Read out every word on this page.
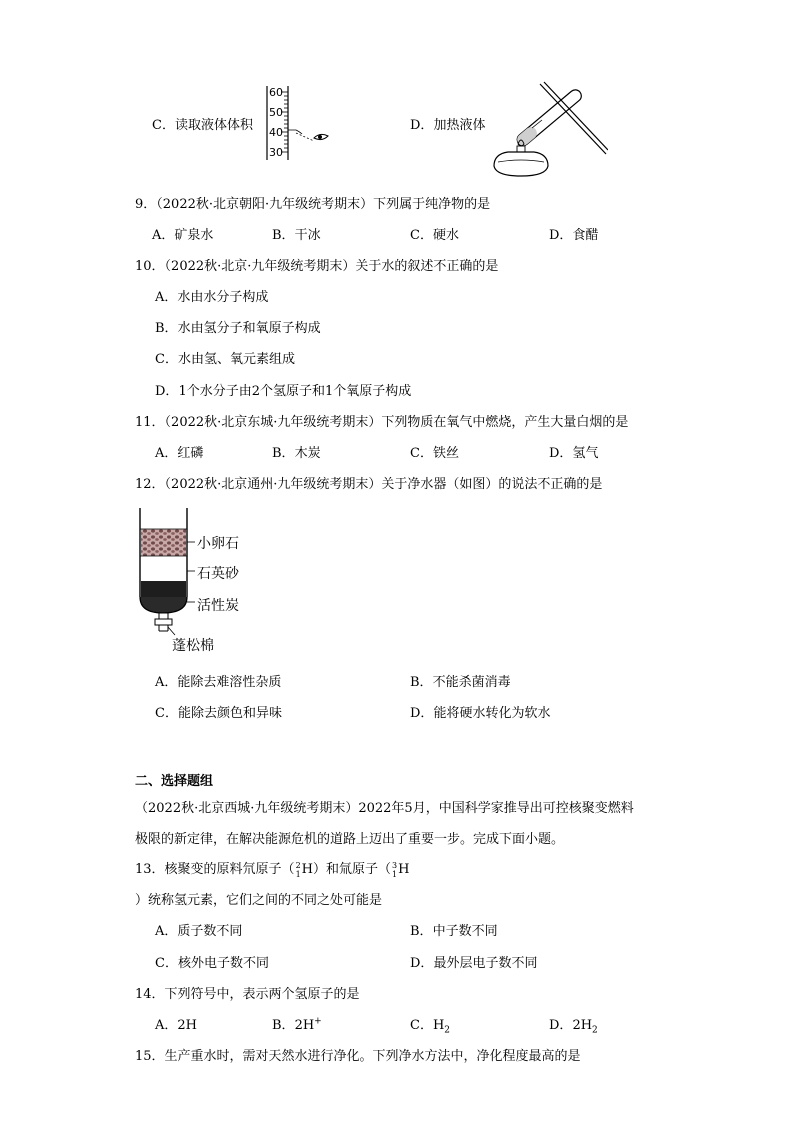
C．读取液体体积
60
50
40
30
D．加热液体
9．（2022秋·北京朝阳·九年级统考期末）下列属于纯净物的是
A．矿泉水	B．干冰	C．硬水	D．食醋
10．（2022秋·北京·九年级统考期末）关于水的叙述不正确的是
A．水由水分子构成
B．水由氢分子和氧原子构成
C．水由氢、氧元素组成
D．1个水分子由2个氢原子和1个氧原子构成
11．（2022秋·北京东城·九年级统考期末）下列物质在氧气中燃烧，产生大量白烟的是
A．红磷	B．木炭	C．铁丝	D．氢气
12．（2022秋·北京通州·九年级统考期末）关于净水器（如图）的说法不正确的是
小卵石
石英砂
活性炭
蓬松棉
A．能除去难溶性杂质	B．不能杀菌消毒
C．能除去颜色和异味	D．能将硬水转化为软水
二、选择题组
（2022秋·北京西城·九年级统考期末）2022年5月，中国科学家推导出可控核聚变燃料
极限的新定律，在解决能源危机的道路上迈出了重要一步。完成下面小题。
13．核聚变的原料氘原子（ 2
1 H）和氚原子（ 3
1 H
）统称氢元素，它们之间的不同之处可能是
A．质子数不同	B．中子数不同
C．核外电子数不同	D．最外层电子数不同
14．下列符号中，表示两个氢原子的是
A．2H	B．2H+	C．$H_2$	D．$2H_2$
15．生产重水时，需对天然水进行净化。下列净水方法中，净化程度最高的是
